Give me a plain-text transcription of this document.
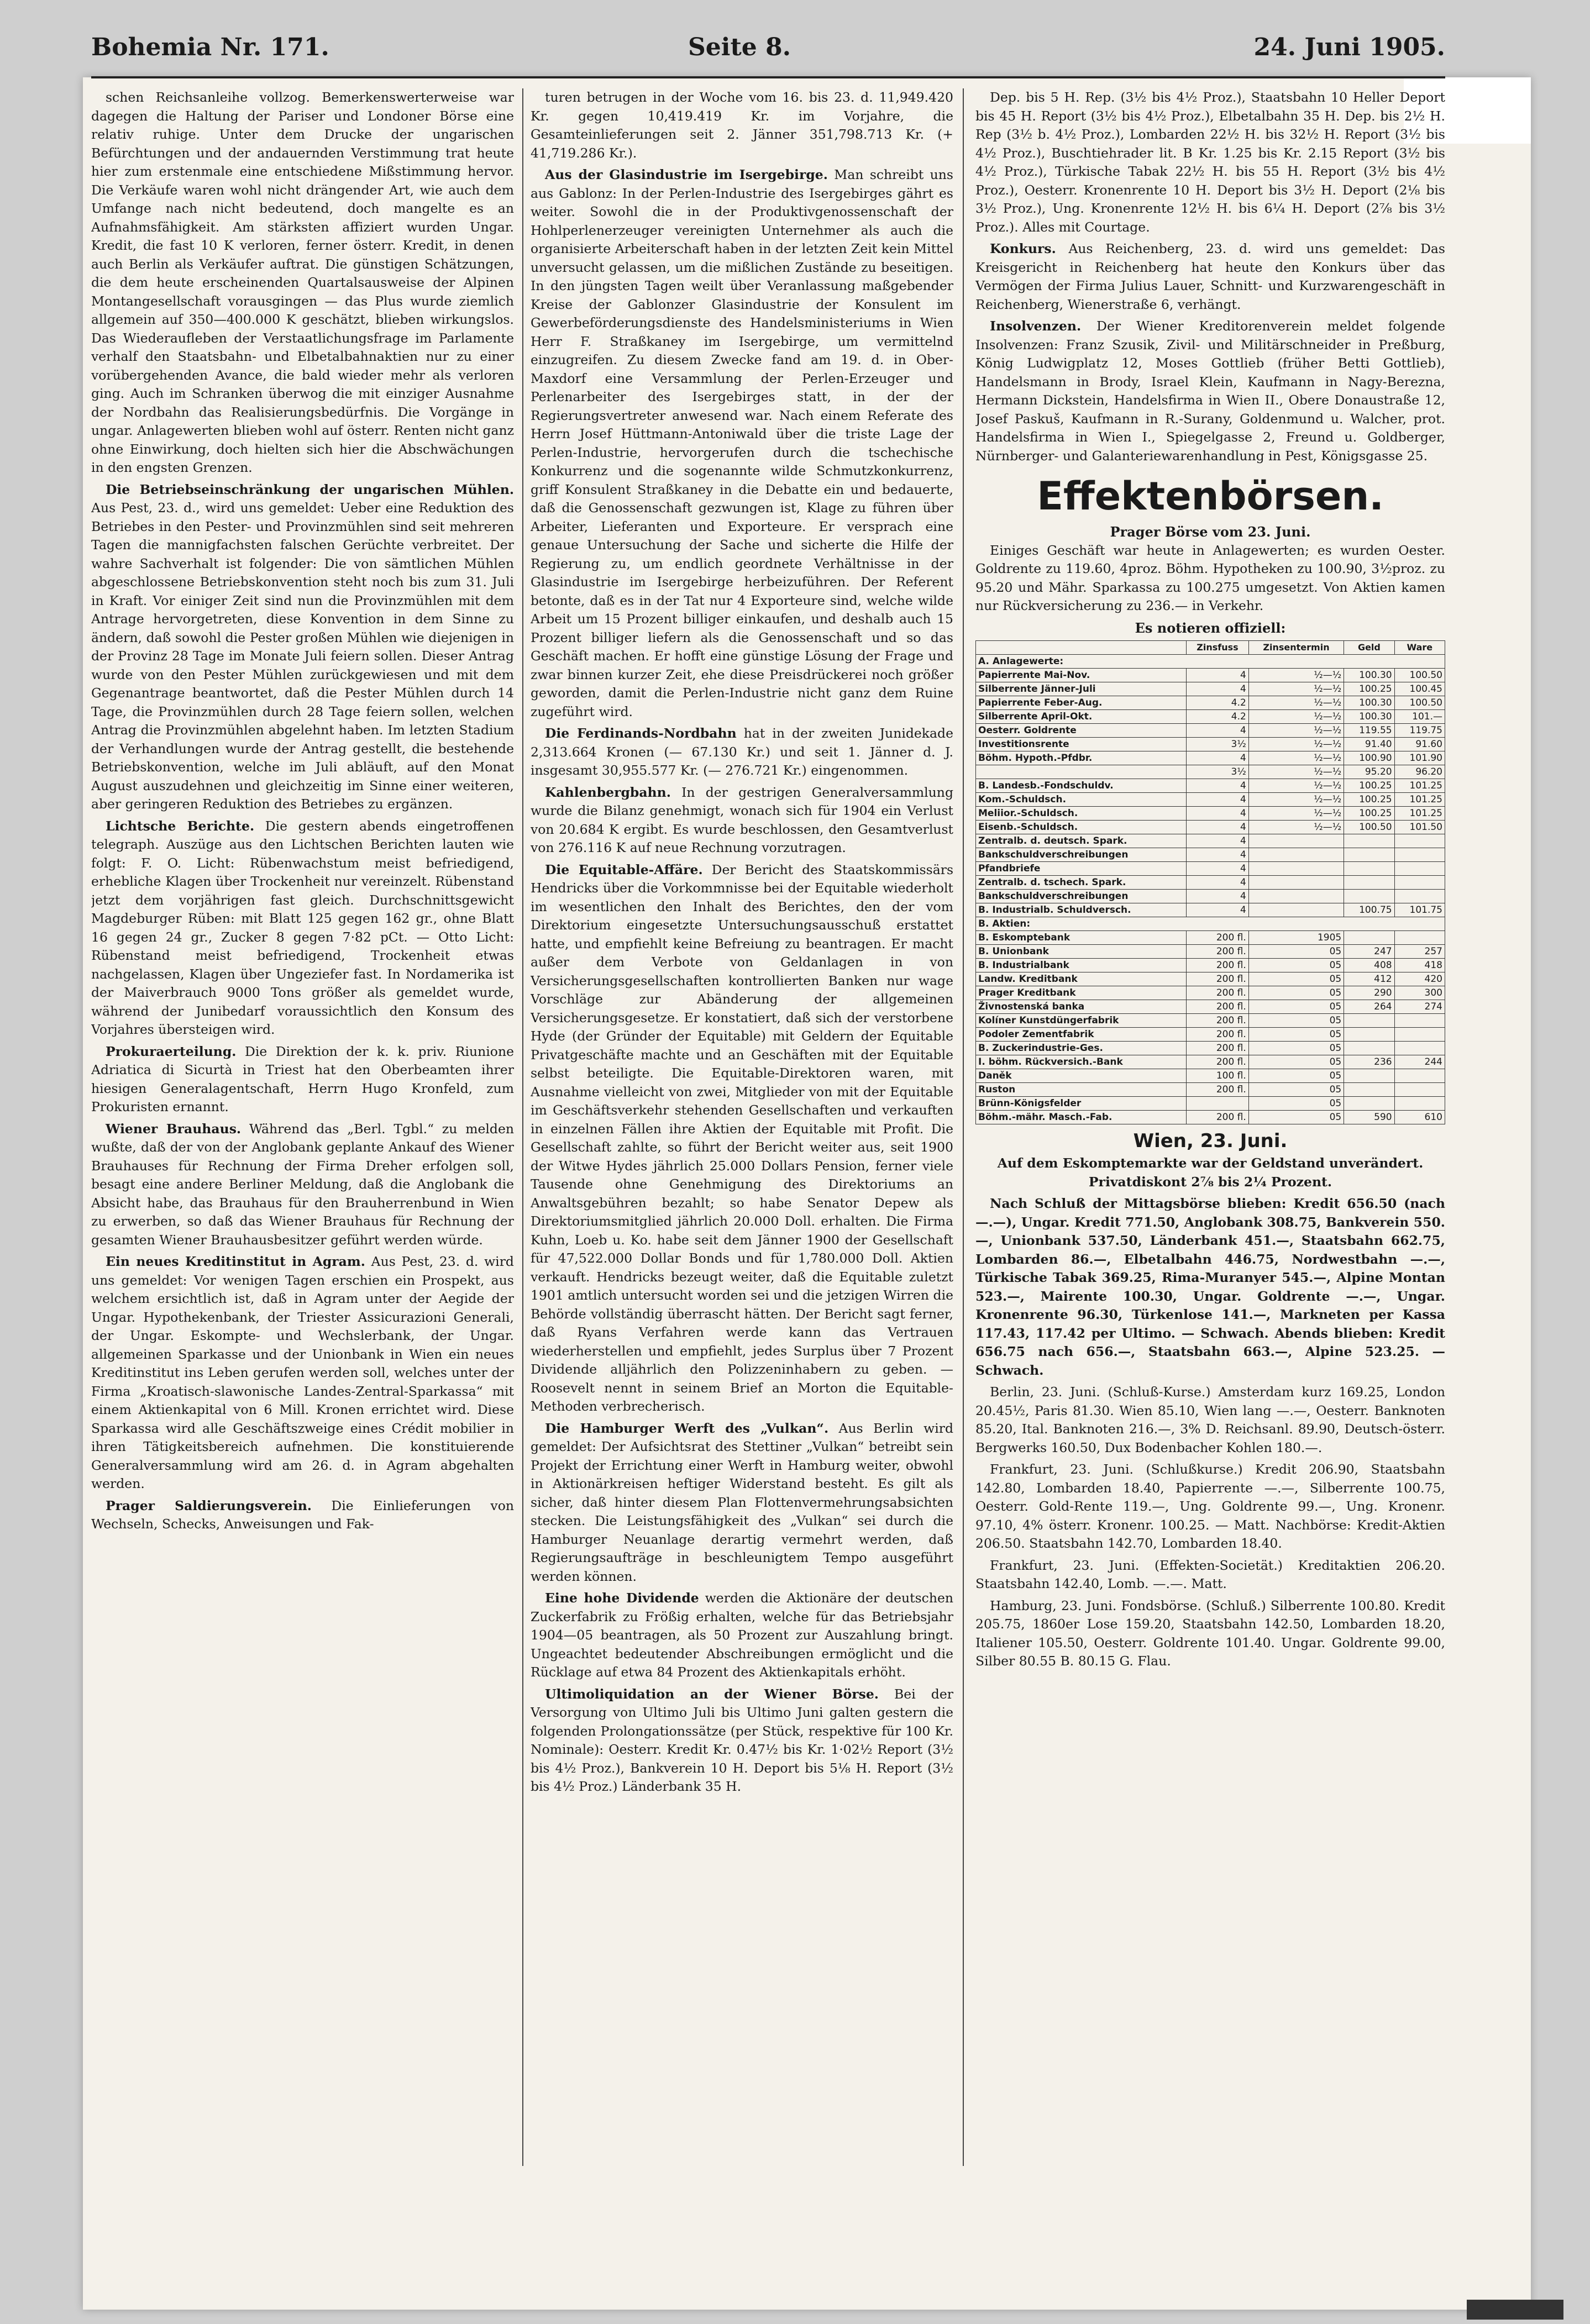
Bohemia Nr. 171.	Seite 8.	24. Juni 1905.

schen Reichsanleihe vollzog. Bemerkenswerterweise war dagegen die Haltung der Pariser und Londoner Börse eine relativ ruhige. Unter dem Drucke der ungarischen Befürchtungen und der andauernden Verstimmung trat heute hier zum erstenmale eine entschiedene Mißstimmung hervor. Die Verkäufe waren wohl nicht drängender Art, wie auch dem Umfange nach nicht bedeutend, doch mangelte es an Aufnahmsfähigkeit. Am stärksten affiziert wurden Ungar. Kredit, die fast 10 K verloren, ferner österr. Kredit, in denen auch Berlin als Verkäufer auftrat. Die günstigen Schätzungen, die dem heute erscheinenden Quartalsausweise der Alpinen Montangesellschaft vorausgingen — das Plus wurde ziemlich allgemein auf 350—400.000 K geschätzt, blieben wirkungslos. Das Wiederaufleben der Verstaatlichungsfrage im Parlamente verhalf den Staatsbahn- und Elbetalbahnaktien nur zu einer vorübergehenden Avance, die bald wieder mehr als verloren ging. Auch im Schranken überwog die mit einziger Ausnahme der Nordbahn das Realisierungsbedürfnis. Die Vorgänge in ungar. Anlagewerten blieben wohl auf österr. Renten nicht ganz ohne Einwirkung, doch hielten sich hier die Abschwächungen in den engsten Grenzen.

Die Betriebseinschränkung der ungarischen Mühlen. Aus Pest, 23. d., wird uns gemeldet: Ueber eine Reduktion des Betriebes in den Pester- und Provinzmühlen sind seit mehreren Tagen die mannigfachsten falschen Gerüchte verbreitet. Der wahre Sachverhalt ist folgender: Die von sämtlichen Mühlen abgeschlossene Betriebskonvention steht noch bis zum 31. Juli in Kraft. Vor einiger Zeit sind nun die Provinzmühlen mit dem Antrage hervorgetreten, diese Konvention in dem Sinne zu ändern, daß sowohl die Pester großen Mühlen wie diejenigen in der Provinz 28 Tage im Monate Juli feiern sollen. Dieser Antrag wurde von den Pester Mühlen zurückgewiesen und mit dem Gegenantrage beantwortet, daß die Pester Mühlen durch 14 Tage, die Provinzmühlen durch 28 Tage feiern sollen, welchen Antrag die Provinzmühlen abgelehnt haben. Im letzten Stadium der Verhandlungen wurde der Antrag gestellt, die bestehende Betriebskonvention, welche im Juli abläuft, auf den Monat August auszudehnen und gleichzeitig im Sinne einer weiteren, aber geringeren Reduktion des Betriebes zu ergänzen.

Lichtsche Berichte. Die gestern abends eingetroffenen telegraph. Auszüge aus den Lichtschen Berichten lauten wie folgt: F. O. Licht: Rübenwachstum meist befriedigend, erhebliche Klagen über Trockenheit nur vereinzelt. Rübenstand jetzt dem vorjährigen fast gleich. Durchschnittsgewicht Magdeburger Rüben: mit Blatt 125 gegen 162 gr., ohne Blatt 16 gegen 24 gr., Zucker 8 gegen 7·82 pCt. — Otto Licht: Rübenstand meist befriedigend, Trockenheit etwas nachgelassen, Klagen über Ungeziefer fast. In Nordamerika ist der Maiverbrauch 9000 Tons größer als gemeldet wurde, während der Junibedarf voraussichtlich den Konsum des Vorjahres übersteigen wird.

Prokuraerteilung. Die Direktion der k. k. priv. Riunione Adriatica di Sicurtà in Triest hat den Oberbeamten ihrer hiesigen Generalagentschaft, Herrn Hugo Kronfeld, zum Prokuristen ernannt.

Wiener Brauhaus. Während das „Berl. Tgbl.“ zu melden wußte, daß der von der Anglobank geplante Ankauf des Wiener Brauhauses für Rechnung der Firma Dreher erfolgen soll, besagt eine andere Berliner Meldung, daß die Anglobank die Absicht habe, das Brauhaus für den Brauherrenbund in Wien zu erwerben, so daß das Wiener Brauhaus für Rechnung der gesamten Wiener Brauhausbesitzer geführt werden würde.

Ein neues Kreditinstitut in Agram. Aus Pest, 23. d. wird uns gemeldet: Vor wenigen Tagen erschien ein Prospekt, aus welchem ersichtlich ist, daß in Agram unter der Aegide der Ungar. Hypothekenbank, der Triester Assicurazioni Generali, der Ungar. Eskompte- und Wechslerbank, der Ungar. allgemeinen Sparkasse und der Unionbank in Wien ein neues Kreditinstitut ins Leben gerufen werden soll, welches unter der Firma „Kroatisch-slawonische Landes-Zentral-Sparkassa“ mit einem Aktienkapital von 6 Mill. Kronen errichtet wird. Diese Sparkassa wird alle Geschäftszweige eines Crédit mobilier in ihren Tätigkeitsbereich aufnehmen. Die konstituierende Generalversammlung wird am 26. d. in Agram abgehalten werden.

Prager Saldierungsverein. Die Einlieferungen von Wechseln, Schecks, Anweisungen und Fak-

turen betrugen in der Woche vom 16. bis 23. d. 11,949.420 Kr. gegen 10,419.419 Kr. im Vorjahre, die Gesamteinlieferungen seit 2. Jänner 351,798.713 Kr. (+ 41,719.286 Kr.).

Aus der Glasindustrie im Isergebirge. Man schreibt uns aus Gablonz: In der Perlen-Industrie des Isergebirges gährt es weiter. Sowohl die in der Produktivgenossenschaft der Hohlperlenerzeuger vereinigten Unternehmer als auch die organisierte Arbeiterschaft haben in der letzten Zeit kein Mittel unversucht gelassen, um die mißlichen Zustände zu beseitigen. In den jüngsten Tagen weilt über Veranlassung maßgebender Kreise der Gablonzer Glasindustrie der Konsulent im Gewerbeförderungsdienste des Handelsministeriums in Wien Herr F. Straßkaney im Isergebirge, um vermittelnd einzugreifen. Zu diesem Zwecke fand am 19. d. in Ober-Maxdorf eine Versammlung der Perlen-Erzeuger und Perlenarbeiter des Isergebirges statt, in der der Regierungsvertreter anwesend war. Nach einem Referate des Herrn Josef Hüttmann-Antoniwald über die triste Lage der Perlen-Industrie, hervorgerufen durch die tschechische Konkurrenz und die sogenannte wilde Schmutzkonkurrenz, griff Konsulent Straßkaney in die Debatte ein und bedauerte, daß die Genossenschaft gezwungen ist, Klage zu führen über Arbeiter, Lieferanten und Exporteure. Er versprach eine genaue Untersuchung der Sache und sicherte die Hilfe der Regierung zu, um endlich geordnete Verhältnisse in der Glasindustrie im Isergebirge herbeizuführen. Der Referent betonte, daß es in der Tat nur 4 Exporteure sind, welche wilde Arbeit um 15 Prozent billiger einkaufen, und deshalb auch 15 Prozent billiger liefern als die Genossenschaft und so das Geschäft machen. Er hofft eine günstige Lösung der Frage und zwar binnen kurzer Zeit, ehe diese Preisdrückerei noch größer geworden, damit die Perlen-Industrie nicht ganz dem Ruine zugeführt wird.

Die Ferdinands-Nordbahn hat in der zweiten Junidekade 2,313.664 Kronen (— 67.130 Kr.) und seit 1. Jänner d. J. insgesamt 30,955.577 Kr. (— 276.721 Kr.) eingenommen.

Kahlenbergbahn. In der gestrigen Generalversammlung wurde die Bilanz genehmigt, wonach sich für 1904 ein Verlust von 20.684 K ergibt. Es wurde beschlossen, den Gesamtverlust von 276.116 K auf neue Rechnung vorzutragen.

Die Equitable-Affäre. Der Bericht des Staatskommissärs Hendricks über die Vorkommnisse bei der Equitable wiederholt im wesentlichen den Inhalt des Berichtes, den der vom Direktorium eingesetzte Untersuchungsausschuß erstattet hatte, und empfiehlt keine Befreiung zu beantragen. Er macht außer dem Verbote von Geldanlagen in von Versicherungsgesellschaften kontrollierten Banken nur wage Vorschläge zur Abänderung der allgemeinen Versicherungsgesetze. Er konstatiert, daß sich der verstorbene Hyde (der Gründer der Equitable) mit Geldern der Equitable Privatgeschäfte machte und an Geschäften mit der Equitable selbst beteiligte. Die Equitable-Direktoren waren, mit Ausnahme vielleicht von zwei, Mitglieder von mit der Equitable im Geschäftsverkehr stehenden Gesellschaften und verkauften in einzelnen Fällen ihre Aktien der Equitable mit Profit. Die Gesellschaft zahlte, so führt der Bericht weiter aus, seit 1900 der Witwe Hydes jährlich 25.000 Dollars Pension, ferner viele Tausende ohne Genehmigung des Direktoriums an Anwaltsgebühren bezahlt; so habe Senator Depew als Direktoriumsmitglied jährlich 20.000 Doll. erhalten. Die Firma Kuhn, Loeb u. Ko. habe seit dem Jänner 1900 der Gesellschaft für 47,522.000 Dollar Bonds und für 1,780.000 Doll. Aktien verkauft. Hendricks bezeugt weiter, daß die Equitable zuletzt 1901 amtlich untersucht worden sei und die jetzigen Wirren die Behörde vollständig überrascht hätten. Der Bericht sagt ferner, daß Ryans Verfahren werde kann das Vertrauen wiederherstellen und empfiehlt, jedes Surplus über 7 Prozent Dividende alljährlich den Polizzeninhabern zu geben. — Roosevelt nennt in seinem Brief an Morton die Equitable-Methoden verbrecherisch.

Die Hamburger Werft des „Vulkan“. Aus Berlin wird gemeldet: Der Aufsichtsrat des Stettiner „Vulkan“ betreibt sein Projekt der Errichtung einer Werft in Hamburg weiter, obwohl in Aktionärkreisen heftiger Widerstand besteht. Es gilt als sicher, daß hinter diesem Plan Flottenvermehrungsabsichten stecken. Die Leistungsfähigkeit des „Vulkan“ sei durch die Hamburger Neuanlage derartig vermehrt werden, daß Regierungsaufträge in beschleunigtem Tempo ausgeführt werden können.

Eine hohe Dividende werden die Aktionäre der deutschen Zuckerfabrik zu Frößig erhalten, welche für das Betriebsjahr 1904—05 beantragen, als 50 Prozent zur Auszahlung bringt. Ungeachtet bedeutender Abschreibungen ermöglicht und die Rücklage auf etwa 84 Prozent des Aktienkapitals erhöht.

Ultimoliquidation an der Wiener Börse. Bei der Versorgung von Ultimo Juli bis Ultimo Juni galten gestern die folgenden Prolongationssätze (per Stück, respektive für 100 Kr. Nominale): Oesterr. Kredit Kr. 0.47½ bis Kr. 1·02½ Report (3½ bis 4½ Proz.), Bankverein 10 H. Deport bis 5⅛ H. Report (3½ bis 4½ Proz.) Länderbank 35 H.

Dep. bis 5 H. Rep. (3½ bis 4½ Proz.), Staatsbahn 10 Heller Deport bis 45 H. Report (3½ bis 4½ Proz.), Elbetalbahn 35 H. Dep. bis 2½ H. Rep (3½ b. 4½ Proz.), Lombarden 22½ H. bis 32½ H. Report (3½ bis 4½ Proz.), Buschtiehrader lit. B Kr. 1.25 bis Kr. 2.15 Report (3½ bis 4½ Proz.), Türkische Tabak 22½ H. bis 55 H. Report (3½ bis 4½ Proz.), Oesterr. Kronenrente 10 H. Deport bis 3½ H. Deport (2⅛ bis 3½ Proz.), Ung. Kronenrente 12½ H. bis 6¼ H. Deport (2⅞ bis 3½ Proz.). Alles mit Courtage.

Konkurs. Aus Reichenberg, 23. d. wird uns gemeldet: Das Kreisgericht in Reichenberg hat heute den Konkurs über das Vermögen der Firma Julius Lauer, Schnitt- und Kurzwarengeschäft in Reichenberg, Wienerstraße 6, verhängt.

Insolvenzen. Der Wiener Kreditorenverein meldet folgende Insolvenzen: Franz Szusik, Zivil- und Militärschneider in Preßburg, König Ludwigplatz 12, Moses Gottlieb (früher Betti Gottlieb), Handelsmann in Brody, Israel Klein, Kaufmann in Nagy-Berezna, Hermann Dickstein, Handelsfirma in Wien II., Obere Donaustraße 12, Josef Paskuš, Kaufmann in R.-Surany, Goldenmund u. Walcher, prot. Handelsfirma in Wien I., Spiegelgasse 2, Freund u. Goldberger, Nürnberger- und Galanteriewarenhandlung in Pest, Königsgasse 25.

Effektenbörsen.
Prager Börse vom 23. Juni.

Einiges Geschäft war heute in Anlagewerten; es wurden Oester. Goldrente zu 119.60, 4proz. Böhm. Hypotheken zu 100.90, 3½proz. zu 95.20 und Mähr. Sparkassa zu 100.275 umgesetzt. Von Aktien kamen nur Rückversicherung zu 236.— in Verkehr.

Es notieren offiziell:
	Zinsfuss	Zinsentermin	Geld	Ware
A. Anlagewerte:				
Papierrente Mai-Nov.	4	½—½	100.30	100.50
Silberrente Jänner-Juli	4	½—½	100.25	100.45
Papierrente Feber-Aug.	4.2	½—½	100.30	100.50
Silberrente April-Okt.	4.2	½—½	100.30	101.—
Oesterr. Goldrente	4	½—½	119.55	119.75
Investitionsrente	3½	½—½	91.40	91.60
Böhm. Hypoth.-Pfdbr.	4	½—½	100.90	101.90
	3½	½—½	95.20	96.20
B. Landesb.-Fondschuldv.	4	½—½	100.25	101.25
Kom.-Schuldsch.	4	½—½	100.25	101.25
Meliior.-Schuldsch.	4	½—½	100.25	101.25
Eisenb.-Schuldsch.	4	½—½	100.50	101.50
Zentralb. d. deutsch. Spark.	4			
Bankschuldverschreibungen	4			
Pfandbriefe	4			
Zentralb. d. tschech. Spark.	4			
Bankschuldverschreibungen	4			
B. Industrialb. Schuldversch.	4		100.75	101.75
B. Aktien:				
B. Eskomptebank	200 fl.	1905		
B. Unionbank	200 fl.	05	247	257
B. Industrialbank	200 fl.	05	408	418
Landw. Kreditbank	200 fl.	05	412	420
Prager Kreditbank	200 fl.	05	290	300
Živnostenská banka	200 fl.	05	264	274
Kolíner Kunstdüngerfabrik	200 fl.	05		
Podoler Zementfabrik	200 fl.	05		
B. Zuckerindustrie-Ges.	200 fl.	05		
I. böhm. Rückversich.-Bank	200 fl.	05	236	244
Daněk	100 fl.	05		
Ruston	200 fl.	05		
Brünn-Königsfelder		05		
Böhm.-mähr. Masch.-Fab.	200 fl.	05	590	610
Wien, 23. Juni.

Auf dem Eskomptemarkte war der Geldstand unverändert. Privatdiskont 2⅞ bis 2¼ Prozent.

Nach Schluß der Mittagsbörse blieben: Kredit 656.50 (nach —.—), Ungar. Kredit 771.50, Anglobank 308.75, Bankverein 550.—, Unionbank 537.50, Länderbank 451.—, Staatsbahn 662.75, Lombarden 86.—, Elbetalbahn 446.75, Nordwestbahn —.—, Türkische Tabak 369.25, Rima-Muranyer 545.—, Alpine Montan 523.—, Mairente 100.30, Ungar. Goldrente —.—, Ungar. Kronenrente 96.30, Türkenlose 141.—, Markneten per Kassa 117.43, 117.42 per Ultimo. — Schwach. Abends blieben: Kredit 656.75 nach 656.—, Staatsbahn 663.—, Alpine 523.25. — Schwach.

Berlin, 23. Juni. (Schluß-Kurse.) Amsterdam kurz 169.25, London 20.45½, Paris 81.30. Wien 85.10, Wien lang —.—, Oesterr. Banknoten 85.20, Ital. Banknoten 216.—, 3% D. Reichsanl. 89.90, Deutsch-österr. Bergwerks 160.50, Dux Bodenbacher Kohlen 180.—.

Frankfurt, 23. Juni. (Schlußkurse.) Kredit 206.90, Staatsbahn 142.80, Lombarden 18.40, Papierrente —.—, Silberrente 100.75, Oesterr. Gold-Rente 119.—, Ung. Goldrente 99.—, Ung. Kronenr. 97.10, 4% österr. Kronenr. 100.25. — Matt. Nachbörse: Kredit-Aktien 206.50. Staatsbahn 142.70, Lombarden 18.40.

Frankfurt, 23. Juni. (Effekten-Societät.) Kreditaktien 206.20. Staatsbahn 142.40, Lomb. —.—. Matt.

Hamburg, 23. Juni. Fondsbörse. (Schluß.) Silberrente 100.80. Kredit 205.75, 1860er Lose 159.20, Staatsbahn 142.50, Lombarden 18.20, Italiener 105.50, Oesterr. Goldrente 101.40. Ungar. Goldrente 99.00, Silber 80.55 B. 80.15 G. Flau.
